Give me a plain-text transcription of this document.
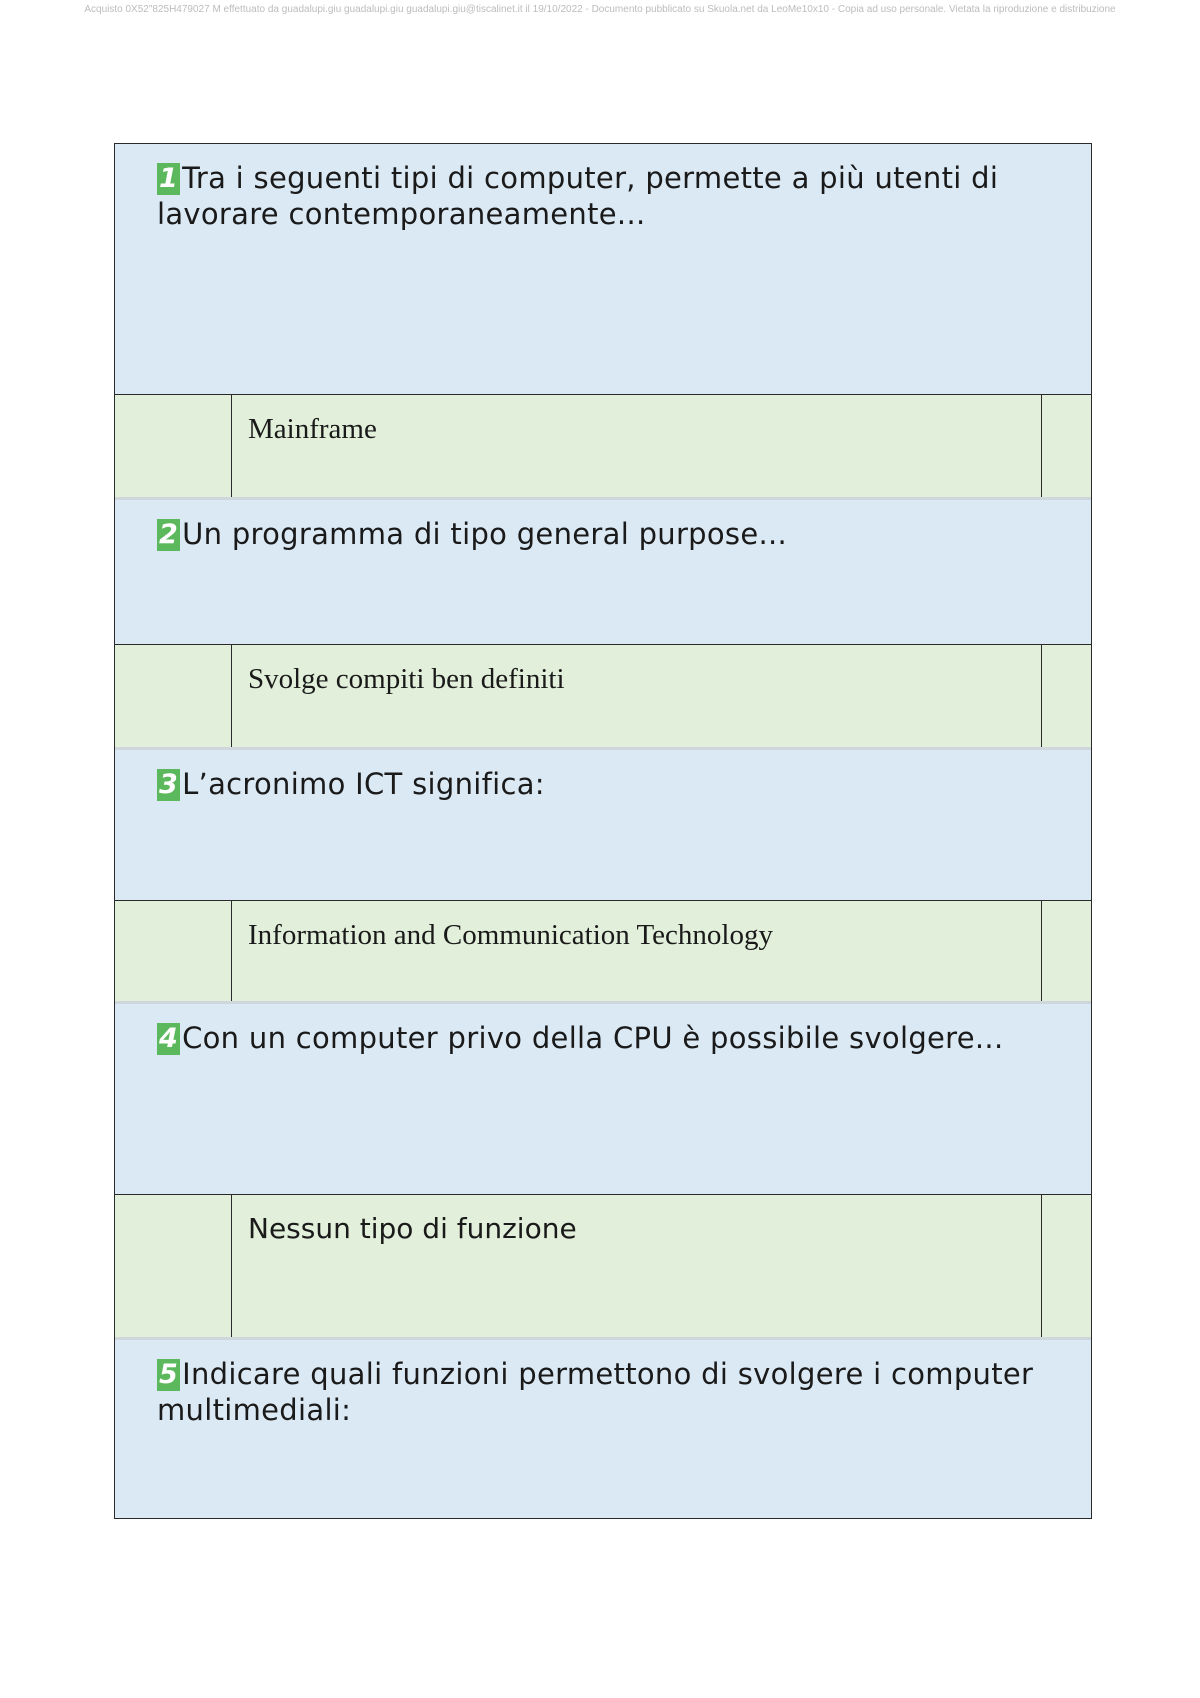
Acquisto 0X52"825H479027 M effettuato da guadalupi.giu guadalupi.giu guadalupi.giu@tiscalinet.it il 19/10/2022 - Documento pubblicato su Skuola.net da LeoMe10x10 - Copia ad uso personale. Vietata la riproduzione e distribuzione
1 Tra i seguenti tipi di computer, permette a più utenti di lavorare contemporaneamente...
Mainframe
2 Un programma di tipo general purpose...
Svolge compiti ben definiti
3 L’acronimo ICT significa:
Information and Communication Technology
4 Con un computer privo della CPU è possibile svolgere...
Nessun tipo di funzione
5 Indicare quali funzioni permettono di svolgere i computer multimediali:
